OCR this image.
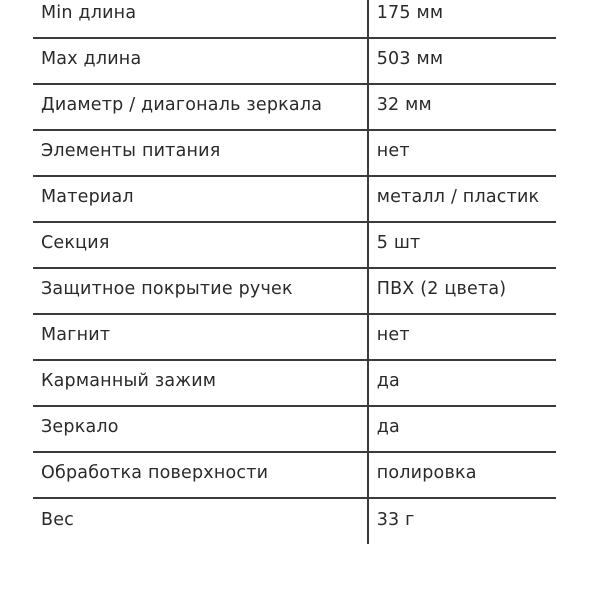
Min длина	175 мм
Max длина	503 мм
Диаметр / диагональ зеркала	32 мм
Элементы питания	нет
Материал	металл / пластик
Секция	5 шт
Защитное покрытие ручек	ПВХ (2 цвета)
Магнит	нет
Карманный зажим	да
Зеркало	да
Обработка поверхности	полировка
Вес	33 г
